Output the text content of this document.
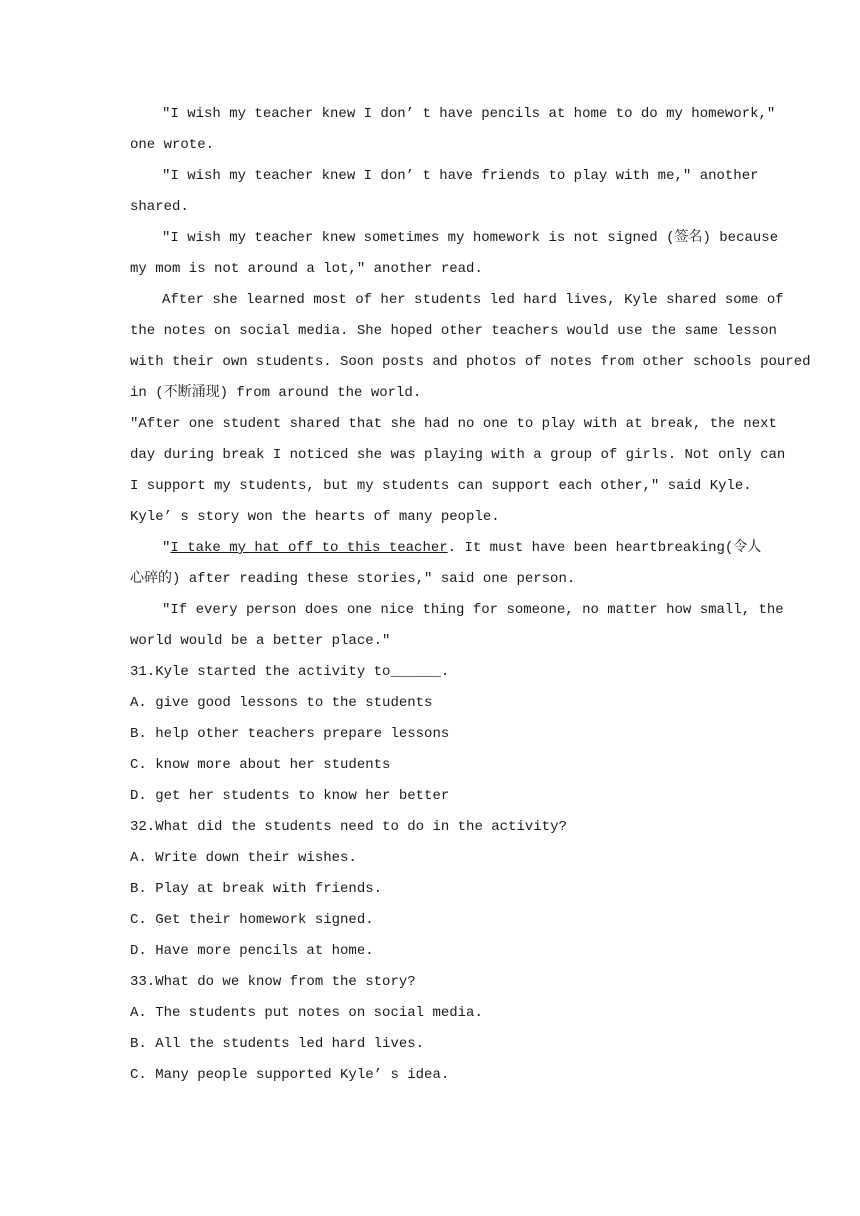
"I wish my teacher knew I don’ t have pencils at home to do my homework,"
one wrote.
"I wish my teacher knew I don’ t have friends to play with me," another
shared.
"I wish my teacher knew sometimes my homework is not signed (签名) because
my mom is not around a lot," another read.
After she learned most of her students led hard lives, Kyle shared some of
the notes on social media. She hoped other teachers would use the same lesson
with their own students. Soon posts and photos of notes from other schools poured
in (不断涌现) from around the world.
"After one student shared that she had no one to play with at break, the next
day during break I noticed she was playing with a group of girls. Not only can
I support my students, but my students can support each other," said Kyle.
Kyle’ s story won the hearts of many people.
"I take my hat off to this teacher. It must have been heartbreaking(令人
心碎的) after reading these stories," said one person.
"If every person does one nice thing for someone, no matter how small, the
world would be a better place."
31.Kyle started the activity to______.
A. give good lessons to the students
B. help other teachers prepare lessons
C. know more about her students
D. get her students to know her better
32.What did the students need to do in the activity?
A. Write down their wishes.
B. Play at break with friends.
C. Get their homework signed.
D. Have more pencils at home.
33.What do we know from the story?
A. The students put notes on social media.
B. All the students led hard lives.
C. Many people supported Kyle’ s idea.
